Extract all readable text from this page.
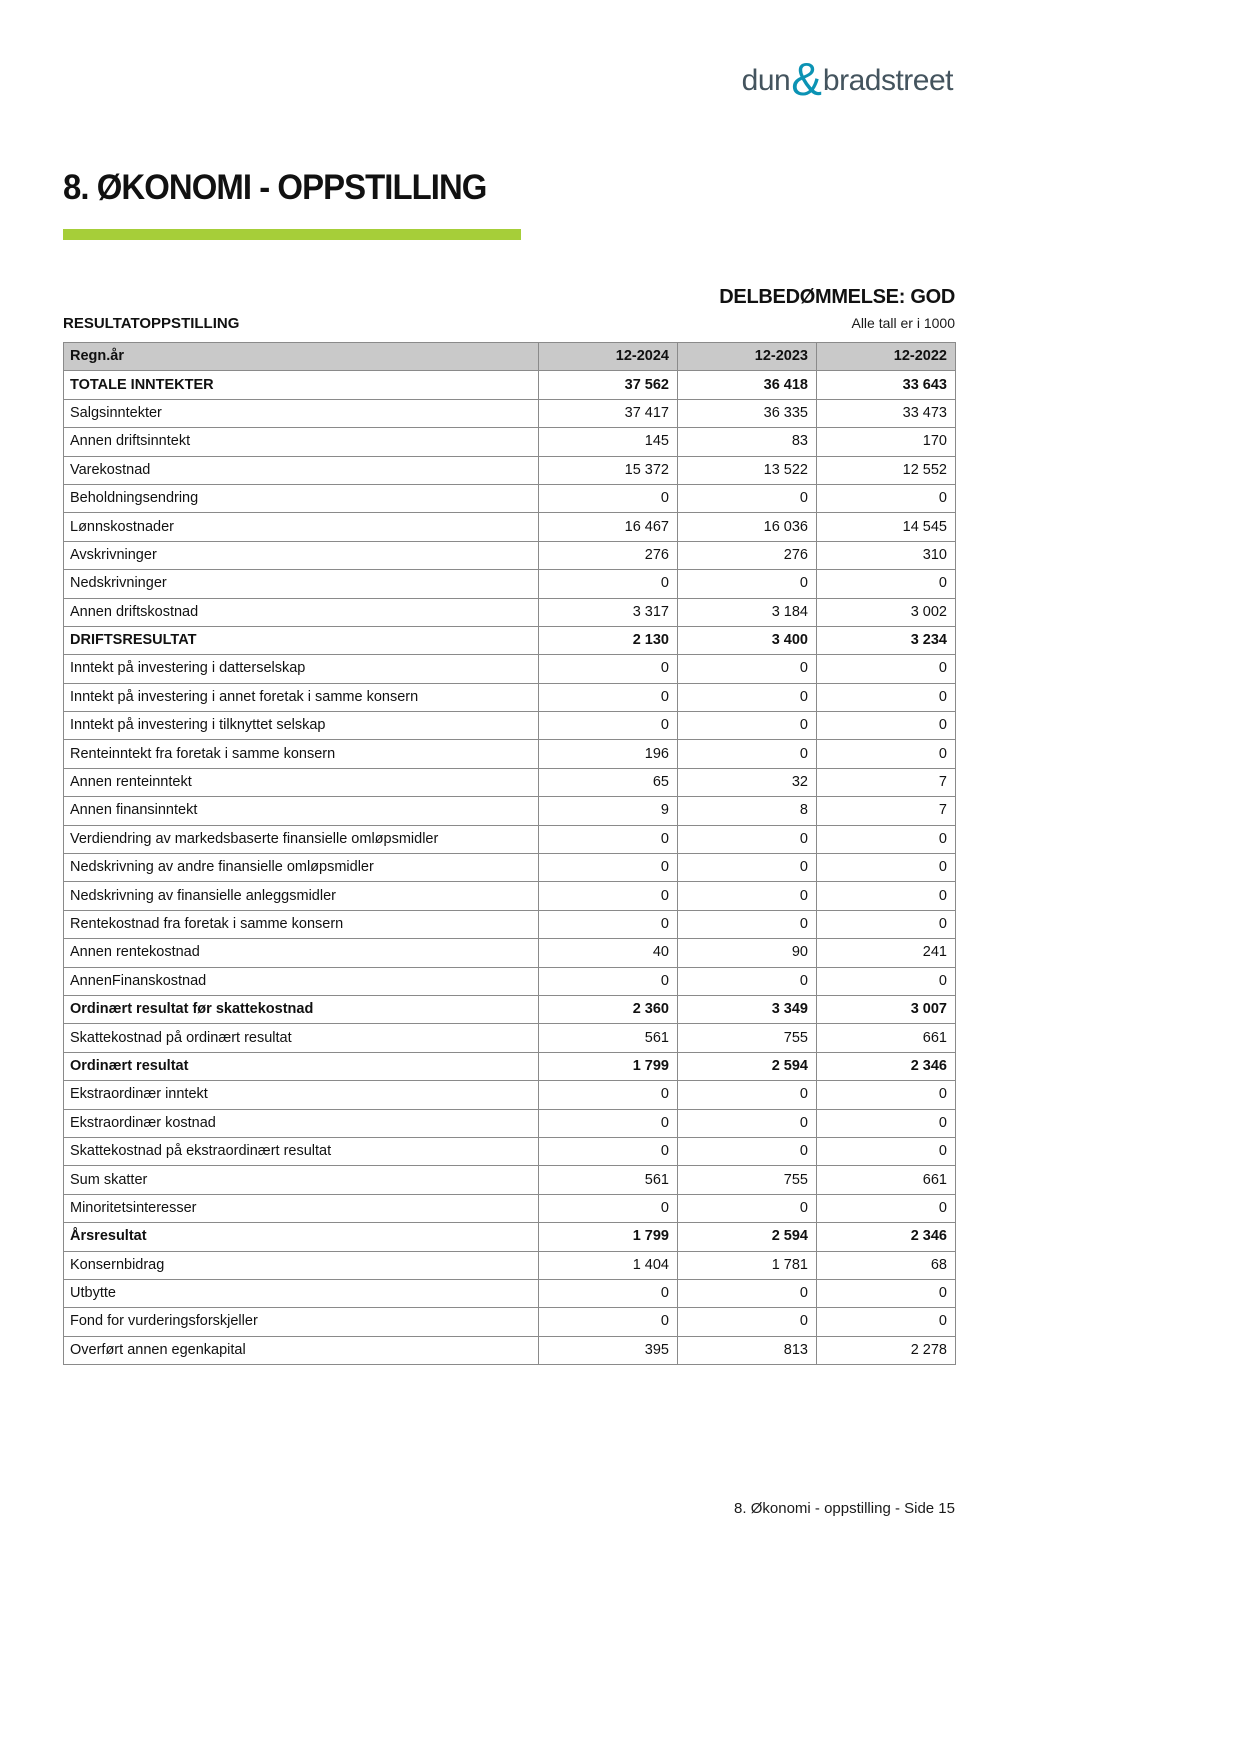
dun & bradstreet
8. ØKONOMI - OPPSTILLING
DELBEDØMMELSE: GOD
RESULTATOPPSTILLING	Alle tall er i 1000
Regn.år	12-2024	12-2023	12-2022
TOTALE INNTEKTER	37 562	36 418	33 643
Salgsinntekter	37 417	36 335	33 473
Annen driftsinntekt	145	83	170
Varekostnad	15 372	13 522	12 552
Beholdningsendring	0	0	0
Lønnskostnader	16 467	16 036	14 545
Avskrivninger	276	276	310
Nedskrivninger	0	0	0
Annen driftskostnad	3 317	3 184	3 002
DRIFTSRESULTAT	2 130	3 400	3 234
Inntekt på investering i datterselskap	0	0	0
Inntekt på investering i annet foretak i samme konsern	0	0	0
Inntekt på investering i tilknyttet selskap	0	0	0
Renteinntekt fra foretak i samme konsern	196	0	0
Annen renteinntekt	65	32	7
Annen finansinntekt	9	8	7
Verdiendring av markedsbaserte finansielle omløpsmidler	0	0	0
Nedskrivning av andre finansielle omløpsmidler	0	0	0
Nedskrivning av finansielle anleggsmidler	0	0	0
Rentekostnad fra foretak i samme konsern	0	0	0
Annen rentekostnad	40	90	241
AnnenFinanskostnad	0	0	0
Ordinært resultat før skattekostnad	2 360	3 349	3 007
Skattekostnad på ordinært resultat	561	755	661
Ordinært resultat	1 799	2 594	2 346
Ekstraordinær inntekt	0	0	0
Ekstraordinær kostnad	0	0	0
Skattekostnad på ekstraordinært resultat	0	0	0
Sum skatter	561	755	661
Minoritetsinteresser	0	0	0
Årsresultat	1 799	2 594	2 346
Konsernbidrag	1 404	1 781	68
Utbytte	0	0	0
Fond for vurderingsforskjeller	0	0	0
Overført annen egenkapital	395	813	2 278
8. Økonomi - oppstilling - Side 15
